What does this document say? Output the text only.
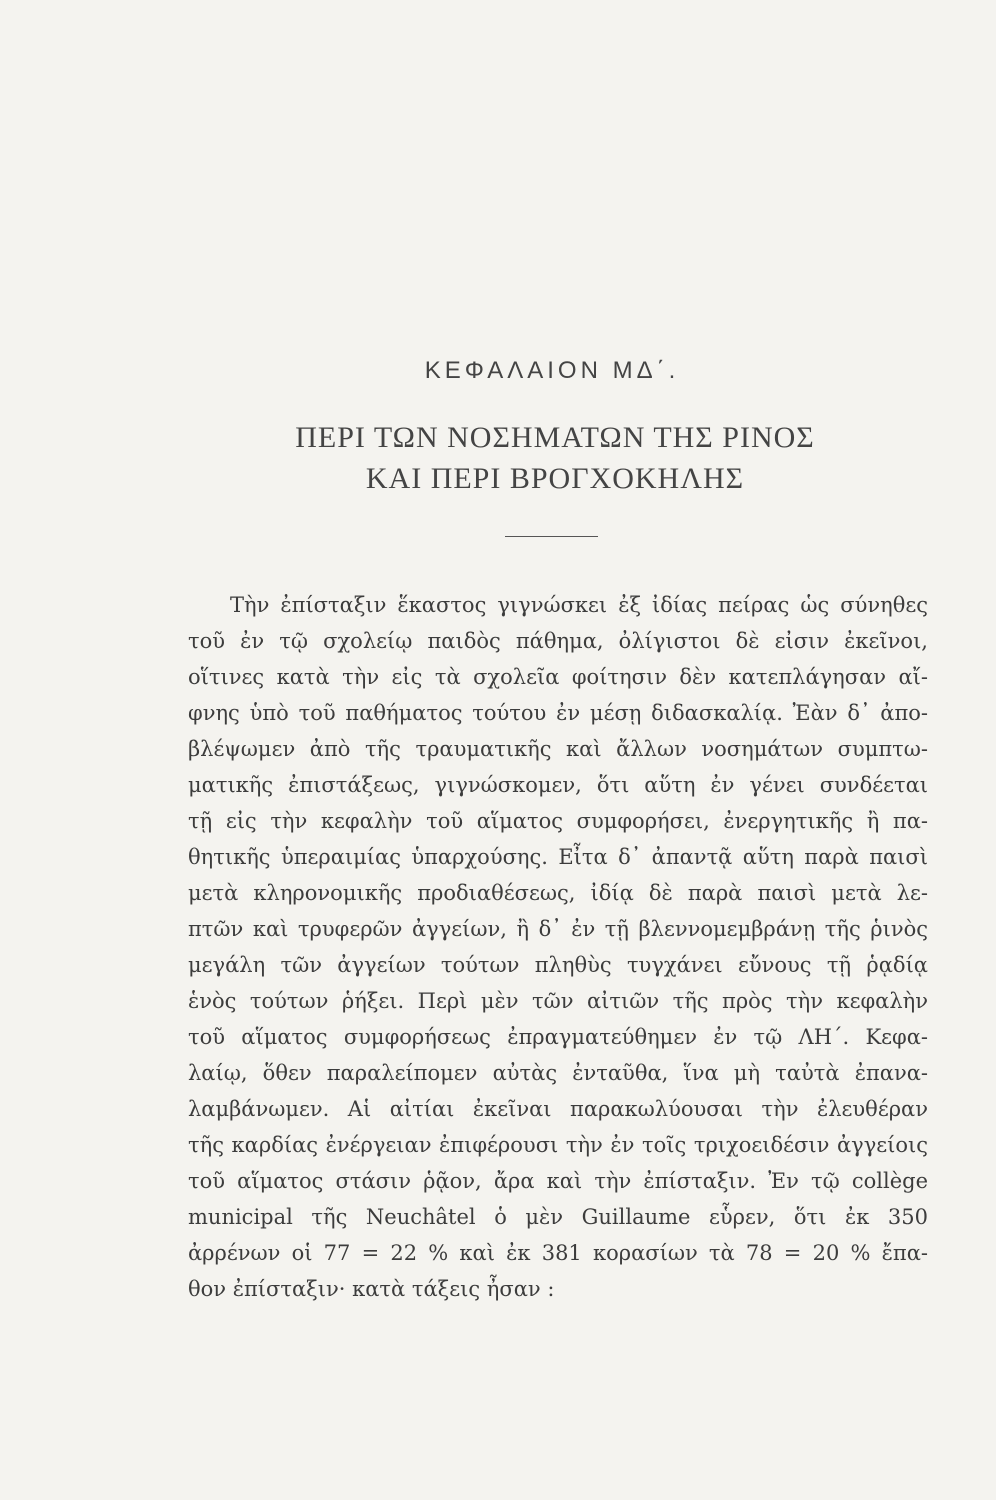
ΚΕΦΑΛΑΙΟΝ ΜΔ΄.
ΠΕΡΙ ΤΩΝ ΝΟΣΗΜΑΤΩΝ ΤΗΣ ΡΙΝΟΣ
ΚΑΙ ΠΕΡΙ ΒΡΟΓΧΟΚΗΛΗΣ
Τὴν ἐπίσταξιν ἕκαστος γιγνώσκει ἐξ ἰδίας πείρας ὡς σύνηθες
τοῦ ἐν τῷ σχολείῳ παιδὸς πάθημα, ὀλίγιστοι δὲ εἰσιν ἐκεῖνοι,
οἵτινες κατὰ τὴν εἰς τὰ σχολεῖα φοίτησιν δὲν κατεπλάγησαν αἴ-
φνης ὑπὸ τοῦ παθήματος τούτου ἐν μέσῃ διδασκαλίᾳ. Ἐὰν δ᾽ ἀπο-
βλέψωμεν ἀπὸ τῆς τραυματικῆς καὶ ἄλλων νοσημάτων συμπτω-
ματικῆς ἐπιστάξεως, γιγνώσκομεν, ὅτι αὕτη ἐν γένει συνδέεται
τῇ εἰς τὴν κεφαλὴν τοῦ αἵματος συμφορήσει, ἐνεργητικῆς ἢ πα-
θητικῆς ὑπεραιμίας ὑπαρχούσης. Εἶτα δ᾽ ἀπαντᾷ αὕτη παρὰ παισὶ
μετὰ κληρονομικῆς προδιαθέσεως, ἰδίᾳ δὲ παρὰ παισὶ μετὰ λε-
πτῶν καὶ τρυφερῶν ἀγγείων, ἢ δ᾽ ἐν τῇ βλεννομεμβράνῃ τῆς ῥινὸς
μεγάλη τῶν ἀγγείων τούτων πληθὺς τυγχάνει εὔνους τῇ ῥᾳδίᾳ
ἑνὸς τούτων ῥήξει. Περὶ μὲν τῶν αἰτιῶν τῆς πρὸς τὴν κεφαλὴν
τοῦ αἵματος συμφορήσεως ἐπραγματεύθημεν ἐν τῷ ΛΗ΄. Κεφα-
λαίῳ, ὅθεν παραλείπομεν αὐτὰς ἐνταῦθα, ἵνα μὴ ταὐτὰ ἐπανα-
λαμβάνωμεν. Αἱ αἰτίαι ἐκεῖναι παρακωλύουσαι τὴν ἐλευθέραν
τῆς καρδίας ἐνέργειαν ἐπιφέρουσι τὴν ἐν τοῖς τριχοειδέσιν ἀγγείοις
τοῦ αἵματος στάσιν ῥᾷον, ἄρα καὶ τὴν ἐπίσταξιν. Ἐν τῷ collège
municipal τῆς Neuchâtel ὁ μὲν Guillaume εὗρεν, ὅτι ἐκ 350
ἀρρένων οἱ 77 = 22 % καὶ ἐκ 381 κορασίων τὰ 78 = 20 % ἔπα-
θον ἐπίσταξιν· κατὰ τάξεις ἦσαν :
